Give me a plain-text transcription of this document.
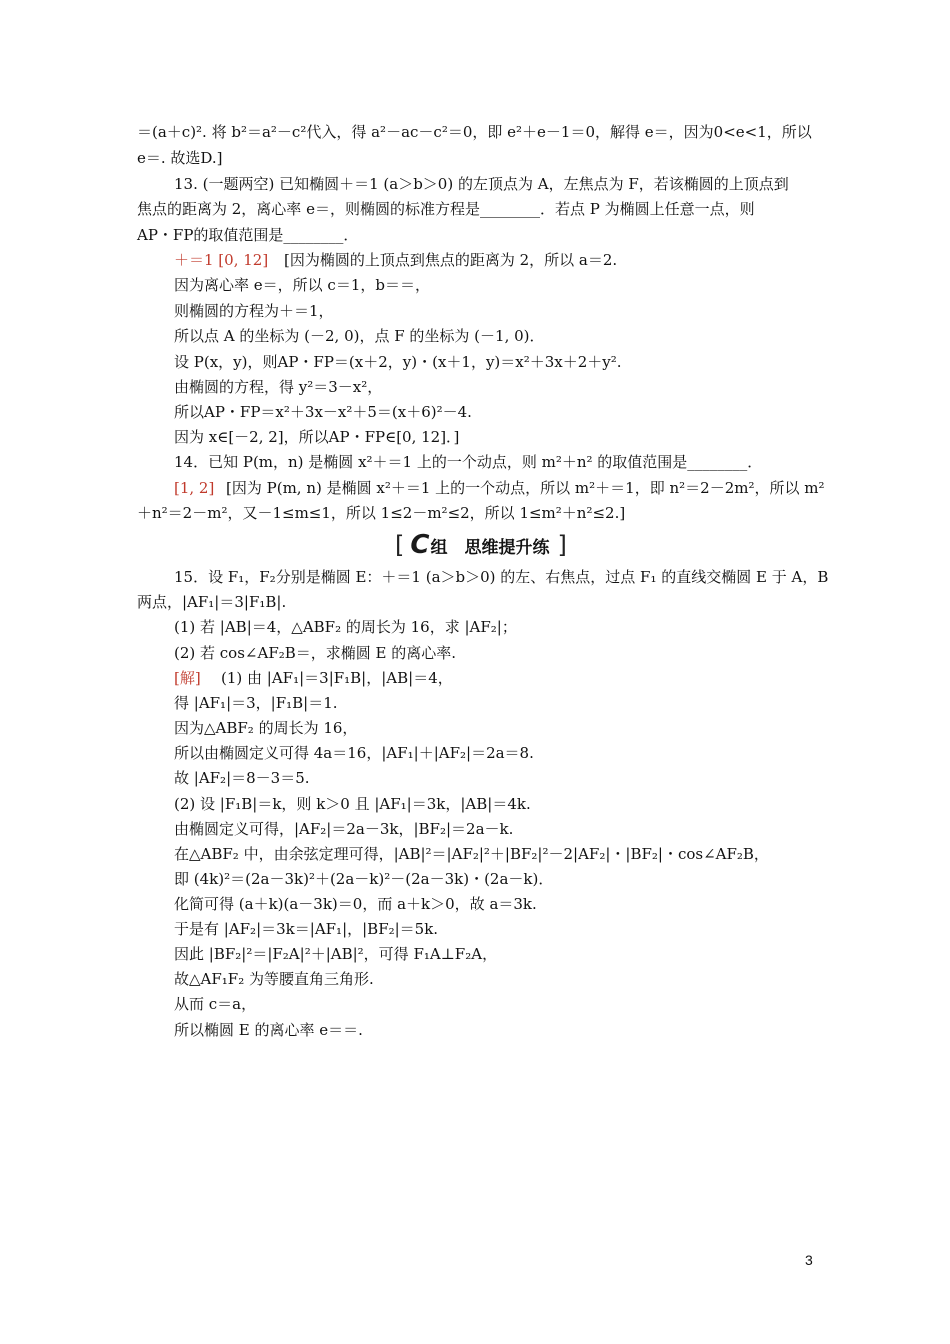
＝(a＋c)². 将 b²＝a²－c²代入，得 a²－ac－c²＝0，即 e²＋e－1＝0，解得 e＝，因为0<e<1，所以
e＝. 故选D.]
13. (一题两空) 已知椭圆＋＝1 (a＞b＞0) 的左顶点为 A，左焦点为 F，若该椭圆的上顶点到
焦点的距离为 2，离心率 e＝，则椭圆的标准方程是________．若点 P 为椭圆上任意一点，则
AP・FP的取值范围是________．
＋＝1 [0, 12] [因为椭圆的上顶点到焦点的距离为 2，所以 a＝2.
因为离心率 e＝，所以 c＝1，b＝＝，
则椭圆的方程为＋＝1，
所以点 A 的坐标为 (－2, 0)，点 F 的坐标为 (－1, 0)．
设 P(x，y)，则AP・FP＝(x＋2，y)・(x＋1，y)＝x²＋3x＋2＋y².
由椭圆的方程，得 y²＝3－x²，
所以AP・FP＝x²＋3x－x²＋5＝(x＋6)²－4.
因为 x∈[－2, 2]，所以AP・FP∈[0, 12]．]
14．已知 P(m，n) 是椭圆 x²＋＝1 上的一个动点，则 m²＋n² 的取值范围是________．
[1, 2] [因为 P(m, n) 是椭圆 x²＋＝1 上的一个动点，所以 m²＋＝1，即 n²＝2－2m²，所以 m²
＋n²＝2－m²，又－1≤m≤1，所以 1≤2－m²≤2，所以 1≤m²＋n²≤2.]
[ C 组　思维提升练 ]
15．设 F₁，F₂分别是椭圆 E：＋＝1 (a＞b＞0) 的左、右焦点，过点 F₁ 的直线交椭圆 E 于 A，B
两点，|AF₁|＝3|F₁B|.
(1) 若 |AB|＝4，△ABF₂ 的周长为 16，求 |AF₂|；
(2) 若 cos∠AF₂B＝，求椭圆 E 的离心率.
[解] (1) 由 |AF₁|＝3|F₁B|，|AB|＝4，
得 |AF₁|＝3，|F₁B|＝1.
因为△ABF₂ 的周长为 16，
所以由椭圆定义可得 4a＝16，|AF₁|＋|AF₂|＝2a＝8.
故 |AF₂|＝8－3＝5.
(2) 设 |F₁B|＝k，则 k＞0 且 |AF₁|＝3k，|AB|＝4k.
由椭圆定义可得，|AF₂|＝2a－3k，|BF₂|＝2a－k.
在△ABF₂ 中，由余弦定理可得，|AB|²＝|AF₂|²＋|BF₂|²－2|AF₂|・|BF₂|・cos∠AF₂B，
即 (4k)²＝(2a－3k)²＋(2a－k)²－(2a－3k)・(2a－k)．
化简可得 (a＋k)(a－3k)＝0，而 a＋k＞0，故 a＝3k.
于是有 |AF₂|＝3k＝|AF₁|，|BF₂|＝5k.
因此 |BF₂|²＝|F₂A|²＋|AB|²，可得 F₁A⊥F₂A，
故△AF₁F₂ 为等腰直角三角形.
从而 c＝a，
所以椭圆 E 的离心率 e＝＝.
3
